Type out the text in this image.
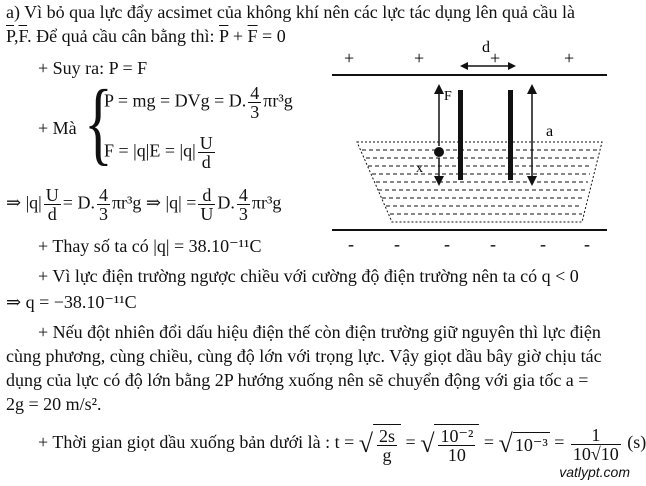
a) Vì bỏ qua lực đẩy acsimet của không khí nên các lực tác dụng lên quả cầu là
$\overline{P},\overline{F}$. Để quả cầu cân bằng thì: $\overline{P} + \overline{F} = 0$
+ Suy ra: P = F
+ Mà {
P = mg = DVg = D. $\frac{4}{3} \pi r^3g$
$F = |q|E = |q| \frac{U}{d}$
⇒ $|q| \frac{U}{d} = D$. $\frac{4}{3} \pi r^3g$ ⇒ $|q| = \frac{d}{U} D$. $\frac{4}{3} \pi r^3g$
+ Thay số ta có |q| = 38.10⁻¹¹C
+ Vì lực điện trường ngược chiều với cường độ điện trường nên ta có q < 0
⇒ q = −38.10⁻¹¹C
+ Nếu đột nhiên đổi dấu hiệu điện thế còn điện trường giữ nguyên thì lực điện
cùng phương, cùng chiều, cùng độ lớn với trọng lực. Vậy giọt dầu bây giờ chịu tác
dụng của lực có độ lớn bằng 2P hướng xuống nên sẽ chuyển động với gia tốc a =
2g = 20 m/s².
+ Thời gian giọt dầu xuống bản dưới là : t = √ $\frac{2s}{g}$ = √ $\frac{\text{10⁻²}}{10}$ = √ $10^{-3} = \frac{1}{10√10} (s)$
+	+	+	+
d
F
x
a
- - - - - -
vatlypt.com
